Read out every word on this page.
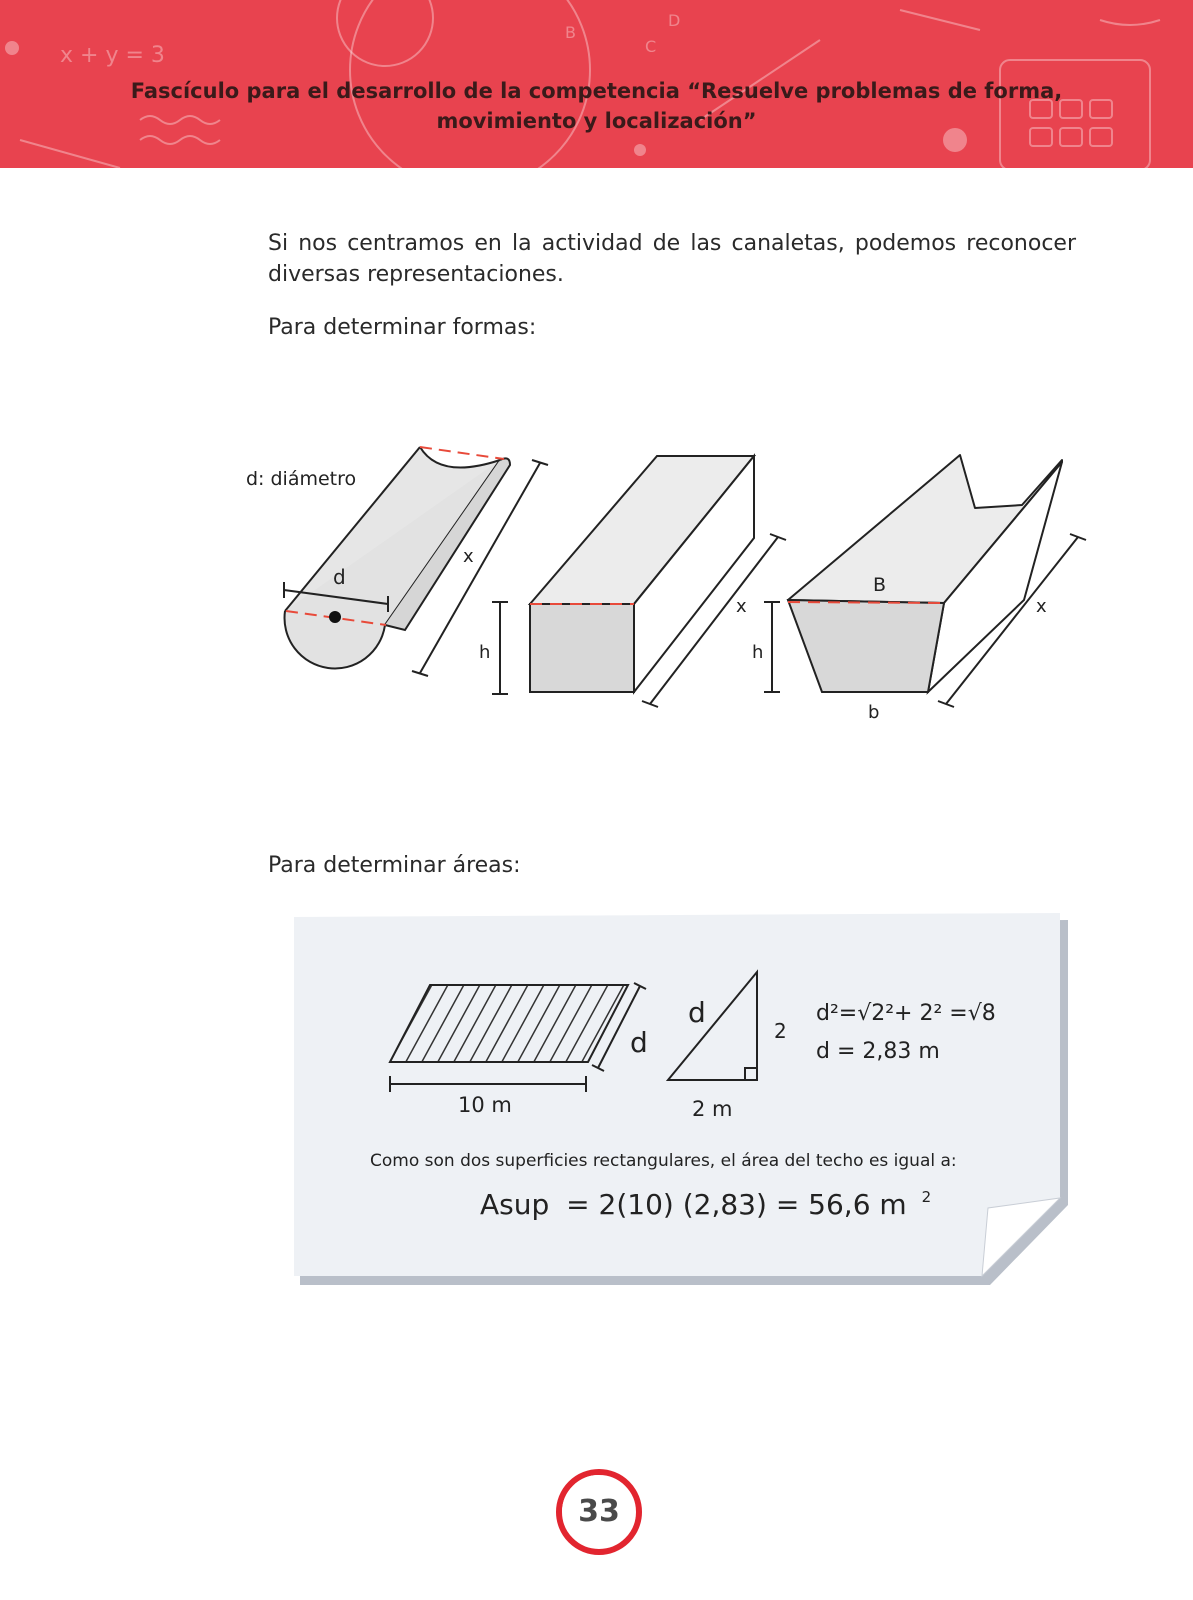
x + y = 3
B
C
D
Fascículo para el desarrollo de la competencia “Resuelve problemas de forma,
movimiento y localización”
Si nos centramos en la actividad de las canaletas, podemos reconocer diversas representaciones.
Para determinar formas:
d: diámetro
d
x
h
x
B
h
b
x
Para determinar áreas:
10 m
d
d
2
2 m
d²=√2²+ 2² =√8
d = 2,83 m
Como son dos superficies rectangulares, el área del techo es igual a:
Asup = 2(10) (2,83) = 56,6 m $^2$
33
